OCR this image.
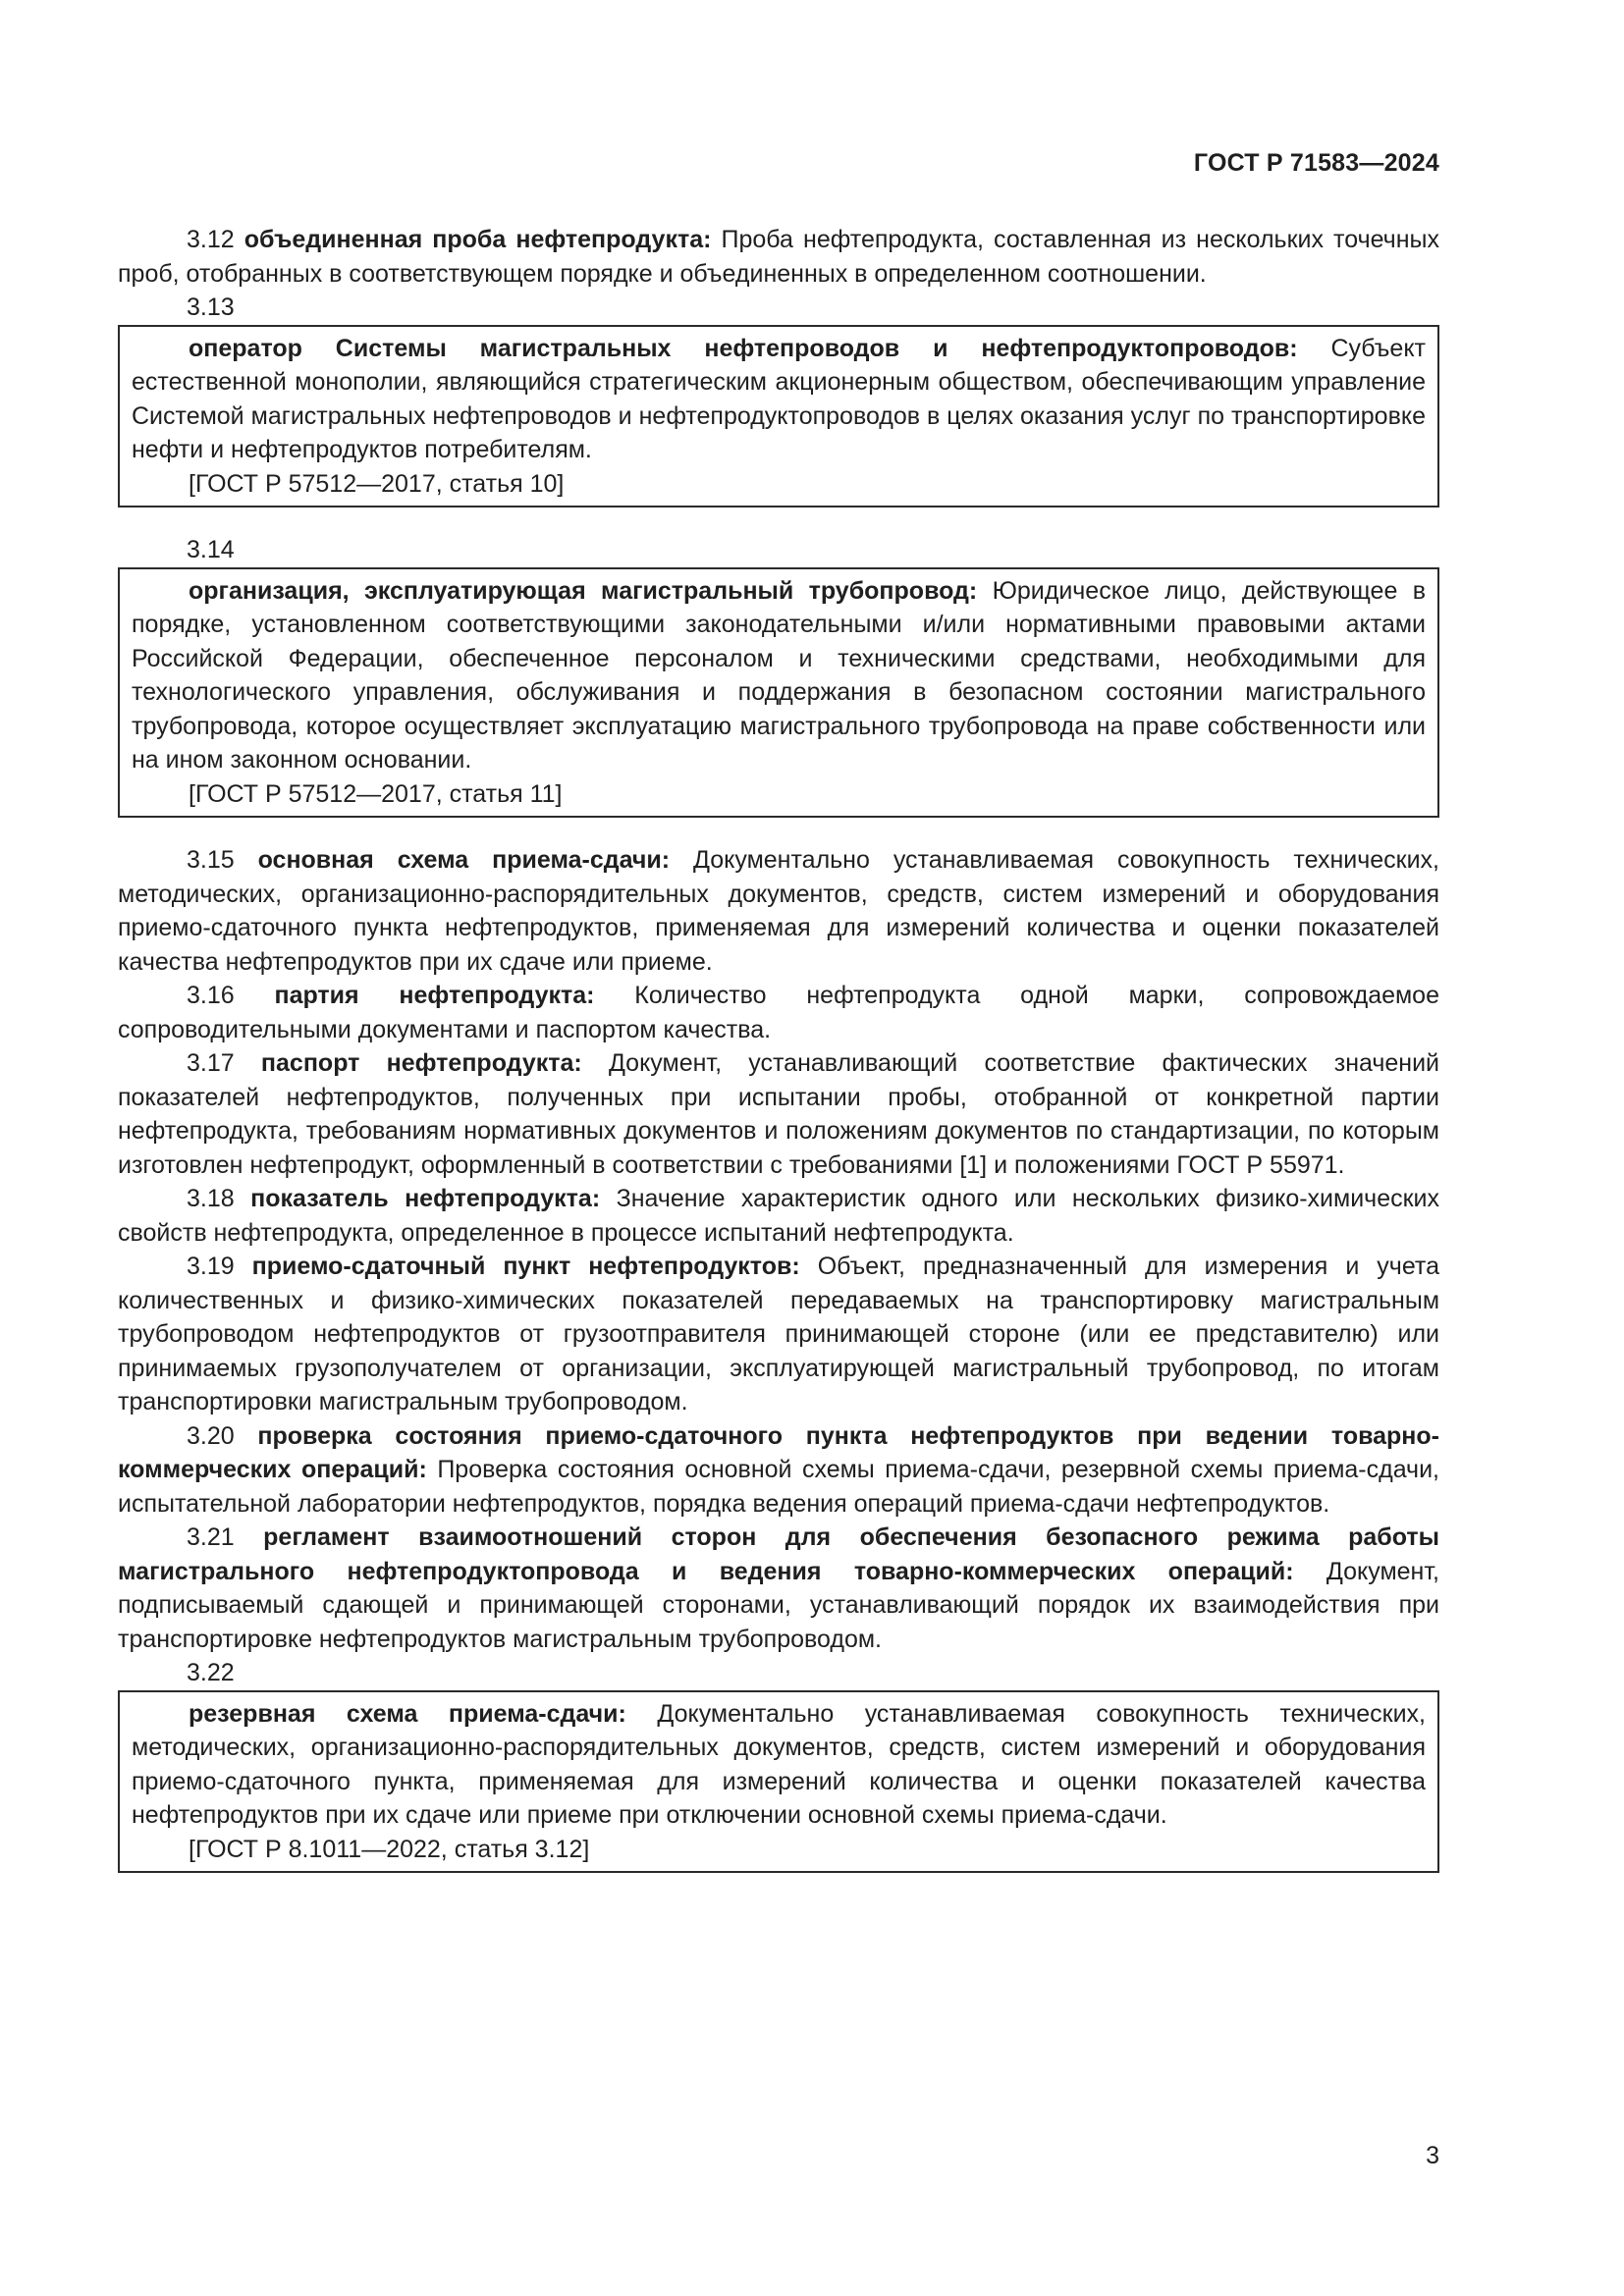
ГОСТ Р 71583—2024

3.12 объединенная проба нефтепродукта: Проба нефтепродукта, составленная из нескольких точечных проб, отобранных в соответствующем порядке и объединенных в определенном соотношении.

3.13

оператор Системы магистральных нефтепроводов и нефтепродуктопроводов: Субъект естественной монополии, являющийся стратегическим акционерным обществом, обеспечивающим управление Системой магистральных нефтепроводов и нефтепродуктопроводов в целях оказания услуг по транспортировке нефти и нефтепродуктов потребителям.

[ГОСТ Р 57512—2017, статья 10]

3.14

организация, эксплуатирующая магистральный трубопровод: Юридическое лицо, действующее в порядке, установленном соответствующими законодательными и/или нормативными правовыми актами Российской Федерации, обеспеченное персоналом и техническими средствами, необходимыми для технологического управления, обслуживания и поддержания в безопасном состоянии магистрального трубопровода, которое осуществляет эксплуатацию магистрального трубопровода на праве собственности или на ином законном основании.

[ГОСТ Р 57512—2017, статья 11]

3.15 основная схема приема-сдачи: Документально устанавливаемая совокупность технических, методических, организационно-распорядительных документов, средств, систем измерений и оборудования приемо-сдаточного пункта нефтепродуктов, применяемая для измерений количества и оценки показателей качества нефтепродуктов при их сдаче или приеме.

3.16 партия нефтепродукта: Количество нефтепродукта одной марки, сопровождаемое сопроводительными документами и паспортом качества.

3.17 паспорт нефтепродукта: Документ, устанавливающий соответствие фактических значений показателей нефтепродуктов, полученных при испытании пробы, отобранной от конкретной партии нефтепродукта, требованиям нормативных документов и положениям документов по стандартизации, по которым изготовлен нефтепродукт, оформленный в соответствии с требованиями [1] и положениями ГОСТ Р 55971.

3.18 показатель нефтепродукта: Значение характеристик одного или нескольких физико-химических свойств нефтепродукта, определенное в процессе испытаний нефтепродукта.

3.19 приемо-сдаточный пункт нефтепродуктов: Объект, предназначенный для измерения и учета количественных и физико-химических показателей передаваемых на транспортировку магистральным трубопроводом нефтепродуктов от грузоотправителя принимающей стороне (или ее представителю) или принимаемых грузополучателем от организации, эксплуатирующей магистральный трубопровод, по итогам транспортировки магистральным трубопроводом.

3.20 проверка состояния приемо-сдаточного пункта нефтепродуктов при ведении товарно-коммерческих операций: Проверка состояния основной схемы приема-сдачи, резервной схемы приема-сдачи, испытательной лаборатории нефтепродуктов, порядка ведения операций приема-сдачи нефтепродуктов.

3.21 регламент взаимоотношений сторон для обеспечения безопасного режима работы магистрального нефтепродуктопровода и ведения товарно-коммерческих операций: Документ, подписываемый сдающей и принимающей сторонами, устанавливающий порядок их взаимодействия при транспортировке нефтепродуктов магистральным трубопроводом.

3.22

резервная схема приема-сдачи: Документально устанавливаемая совокупность технических, методических, организационно-распорядительных документов, средств, систем измерений и оборудования приемо-сдаточного пункта, применяемая для измерений количества и оценки показателей качества нефтепродуктов при их сдаче или приеме при отключении основной схемы приема-сдачи.

[ГОСТ Р 8.1011—2022, статья 3.12]

3
